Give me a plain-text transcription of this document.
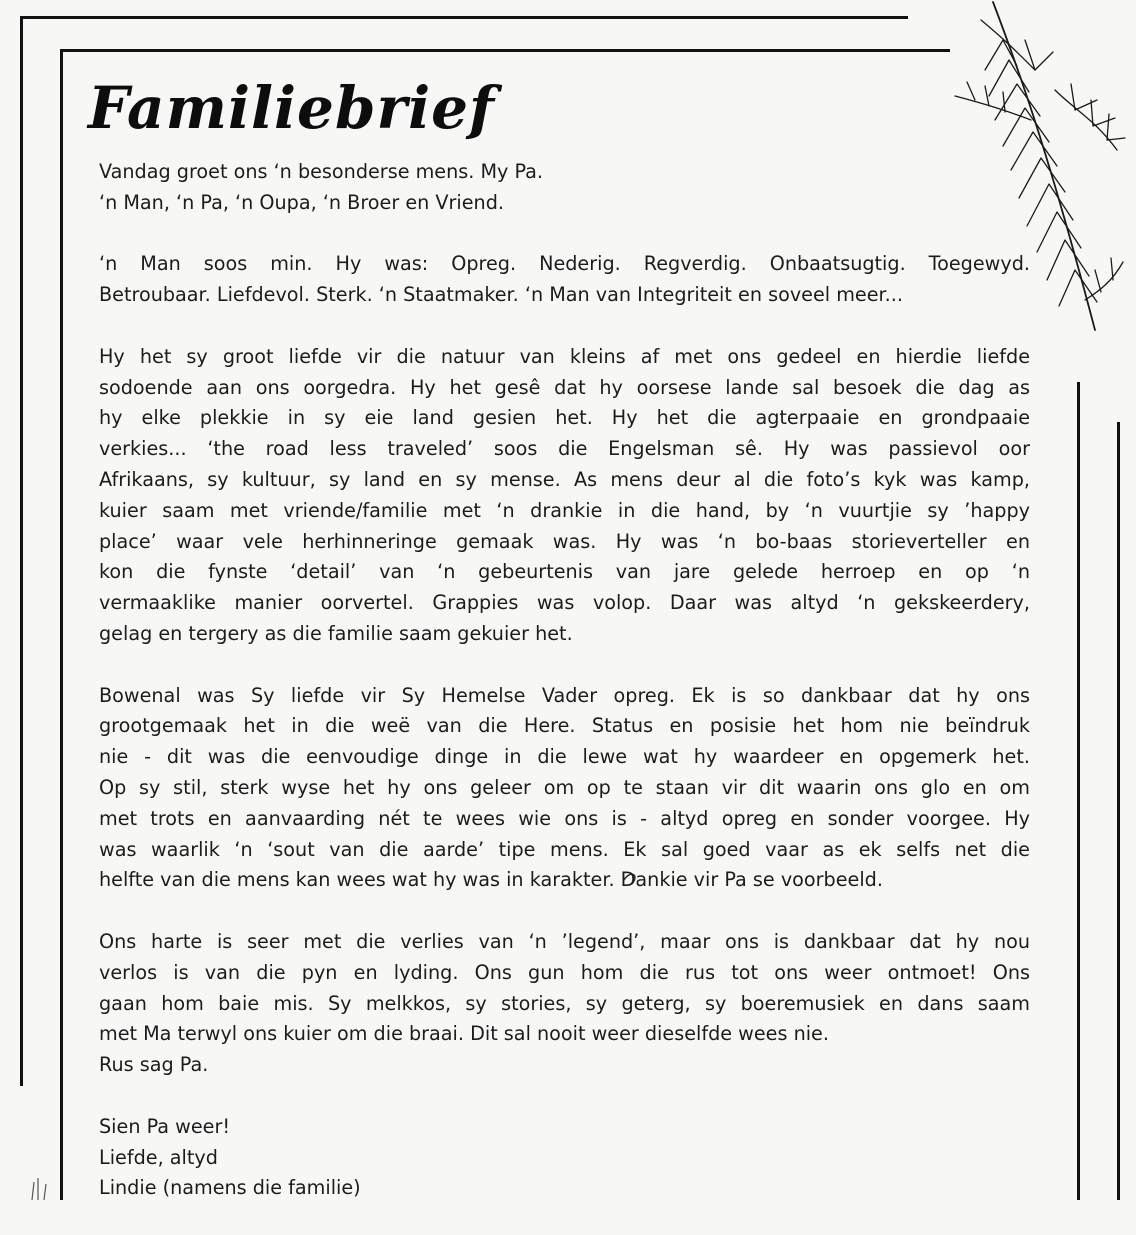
Familiebrief

Vandag groet ons ‘n besonderse mens. My Pa.
‘n Man, ‘n Pa, ‘n Oupa, ‘n Broer en Vriend.

‘n Man soos min. Hy was: Opreg. Nederig. Regverdig. Onbaatsugtig. Toegewyd.
Betroubaar. Liefdevol. Sterk. ‘n Staatmaker. ‘n Man van Integriteit en soveel meer...

Hy het sy groot liefde vir die natuur van kleins af met ons gedeel en hierdie liefde
sodoende aan ons oorgedra. Hy het gesê dat hy oorsese lande sal besoek die dag as
hy elke plekkie in sy eie land gesien het. Hy het die agterpaaie en grondpaaie
verkies... ‘the road less traveled’ soos die Engelsman sê. Hy was passievol oor
Afrikaans, sy kultuur, sy land en sy mense. As mens deur al die foto’s kyk was kamp,
kuier saam met vriende/familie met ‘n drankie in die hand, by ‘n vuurtjie sy ’happy
place’ waar vele herhinneringe gemaak was. Hy was ‘n bo-baas storieverteller en
kon die fynste ‘detail’ van ‘n gebeurtenis van jare gelede herroep en op ‘n
vermaaklike manier oorvertel. Grappies was volop. Daar was altyd ‘n gekskeerdery,
gelag en tergery as die familie saam gekuier het.

Bowenal was Sy liefde vir Sy Hemelse Vader opreg. Ek is so dankbaar dat hy ons
grootgemaak het in die weë van die Here. Status en posisie het hom nie beïndruk
nie - dit was die eenvoudige dinge in die lewe wat hy waardeer en opgemerk het.
Op sy stil, sterk wyse het hy ons geleer om op te staan vir dit waarin ons glo en om
met trots en aanvaarding nét te wees wie ons is - altyd opreg en sonder voorgee. Hy
was waarlik ‘n ‘sout van die aarde’ tipe mens. Ek sal goed vaar as ek selfs net die
helfte van die mens kan wees wat hy was in karakter. Dankie vir Pa se voorbeeld.

Ons harte is seer met die verlies van ‘n ’legend’, maar ons is dankbaar dat hy nou
verlos is van die pyn en lyding. Ons gun hom die rus tot ons weer ontmoet! Ons
gaan hom baie mis. Sy melkkos, sy stories, sy geterg, sy boeremusiek en dans saam
met Ma terwyl ons kuier om die braai. Dit sal nooit weer dieselfde wees nie.
Rus sag Pa.

Sien Pa weer!
Liefde, altyd
Lindie (namens die familie)
